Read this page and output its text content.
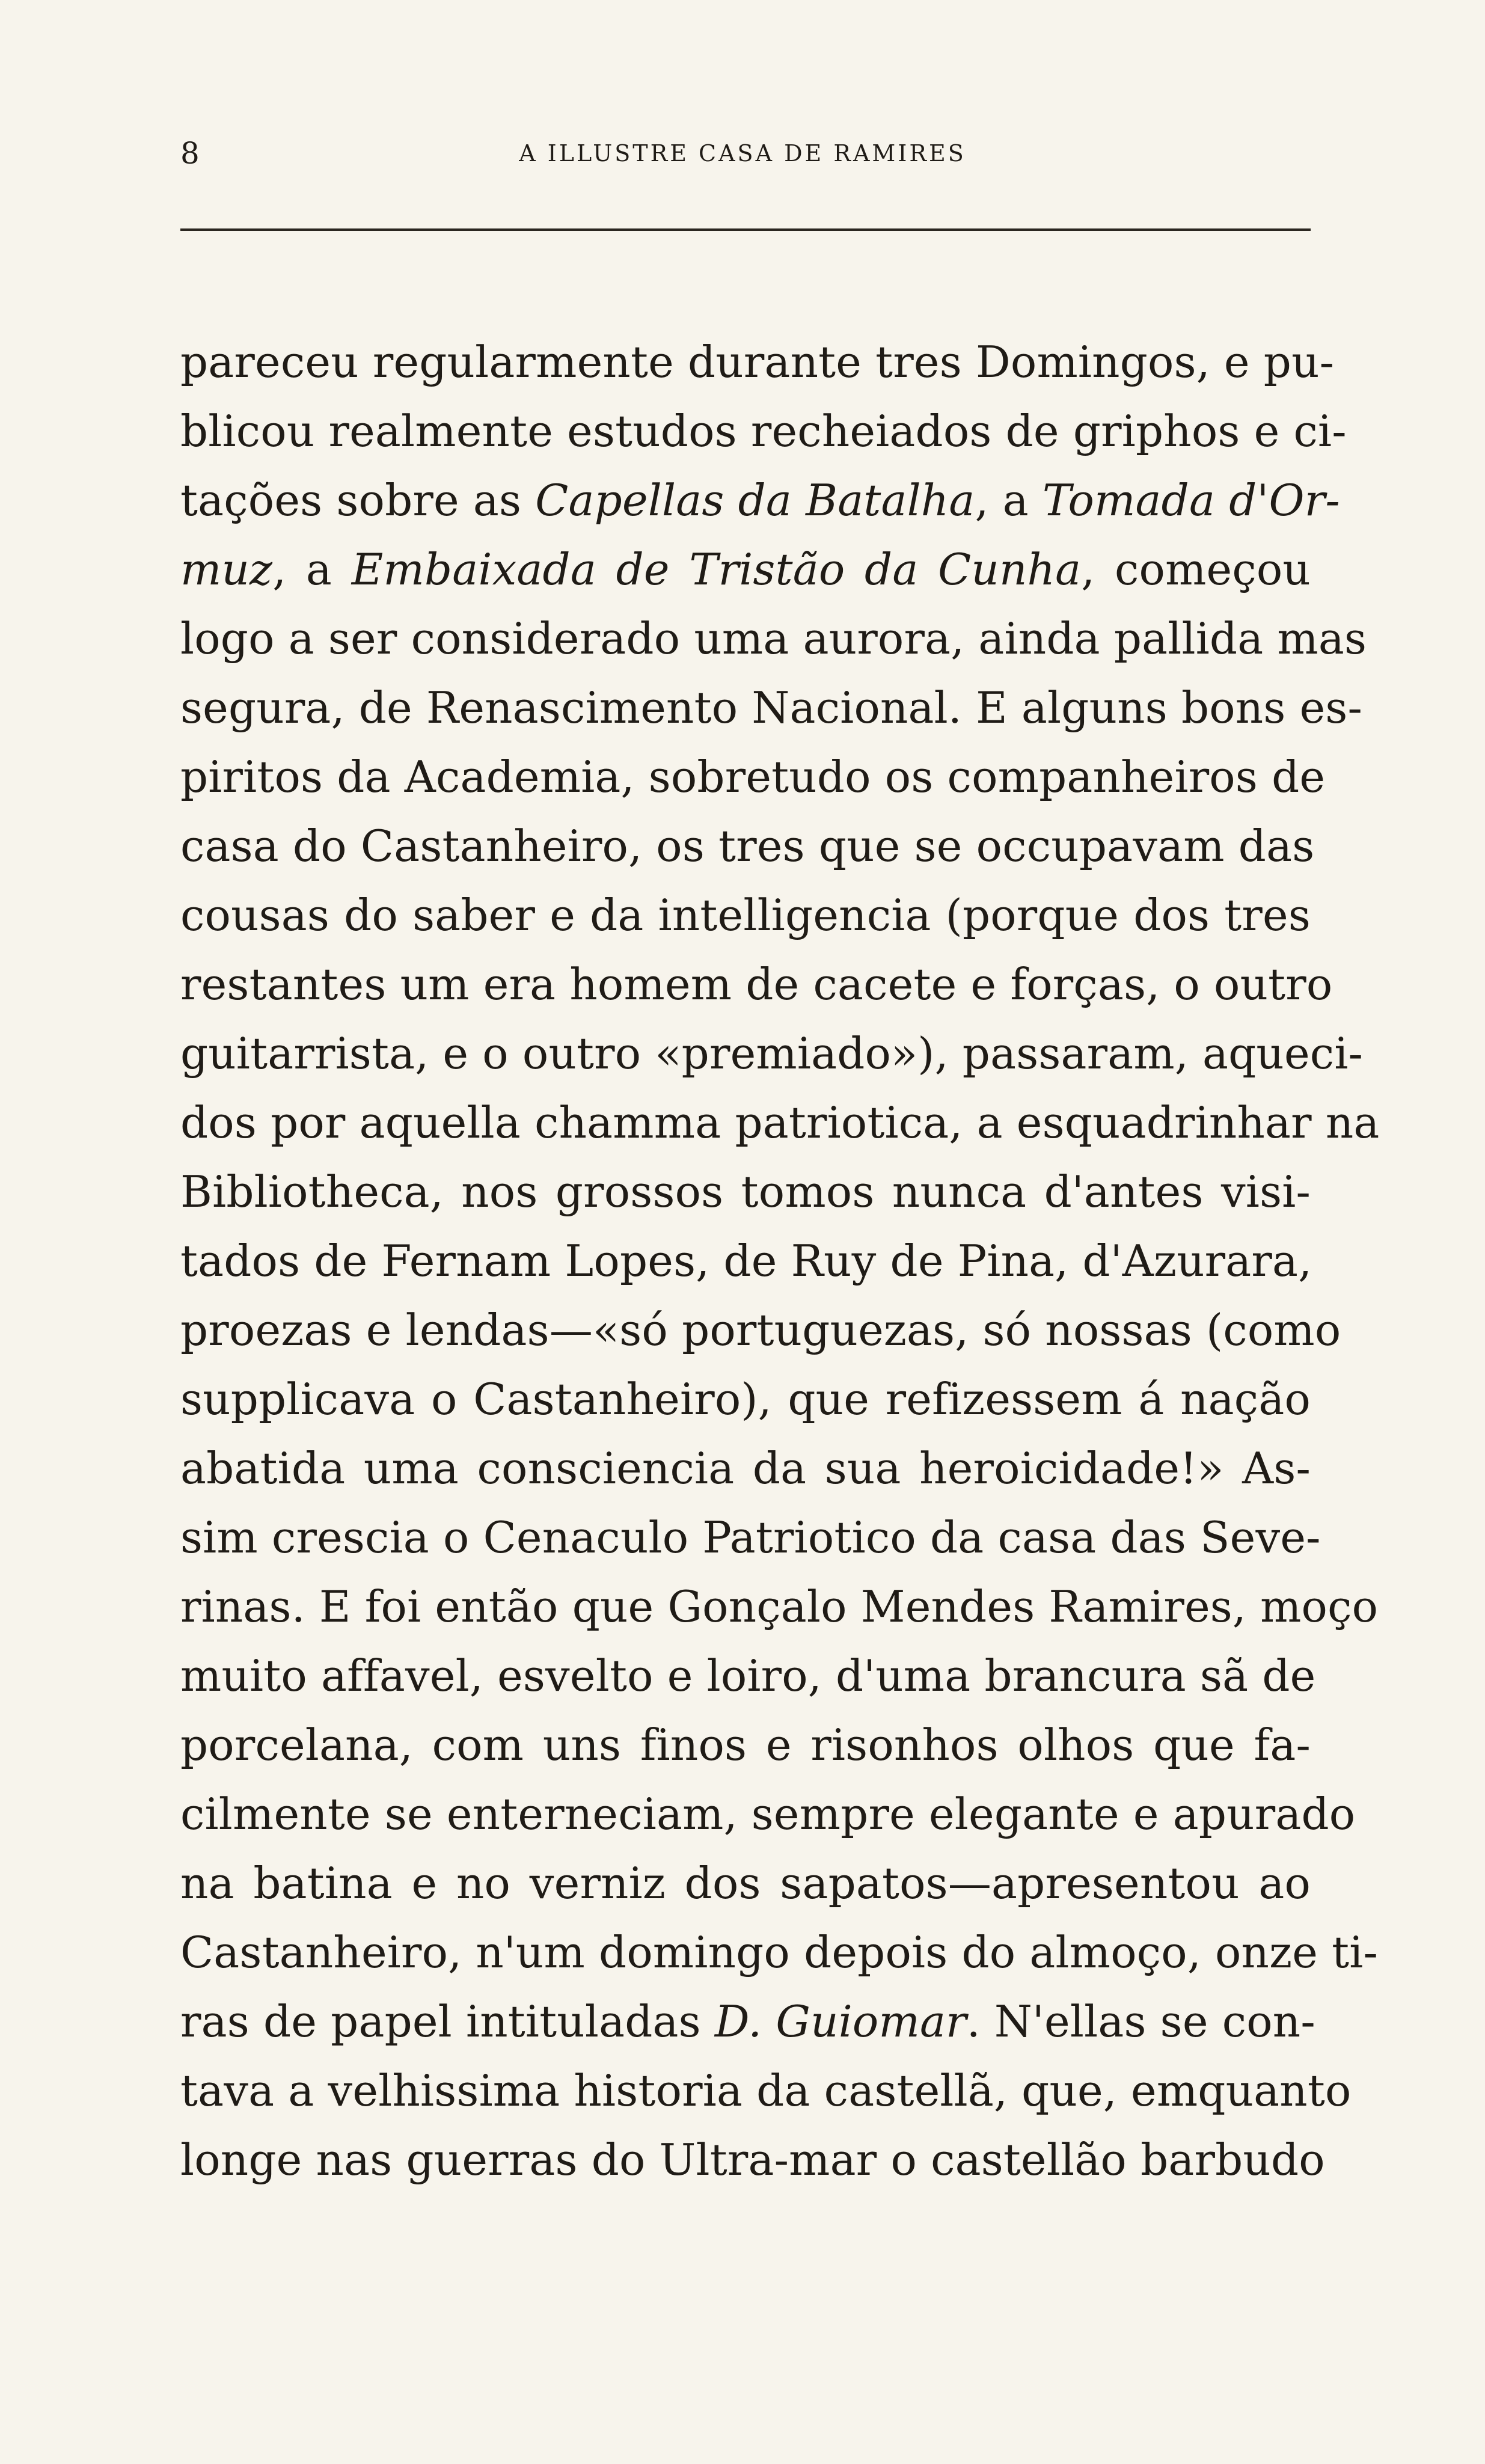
8	A ILLUSTRE CASA DE RAMIRES
pareceu regularmente durante tres Domingos, e pu-
blicou realmente estudos recheiados de griphos e ci-
tações sobre as Capellas da Batalha, a Tomada d'Or-
muz, a Embaixada de Tristão da Cunha, começou
logo a ser considerado uma aurora, ainda pallida mas
segura, de Renascimento Nacional. E alguns bons es-
piritos da Academia, sobretudo os companheiros de
casa do Castanheiro, os tres que se occupavam das
cousas do saber e da intelligencia (porque dos tres
restantes um era homem de cacete e forças, o outro
guitarrista, e o outro «premiado»), passaram, aqueci-
dos por aquella chamma patriotica, a esquadrinhar na
Bibliotheca, nos grossos tomos nunca d'antes visi-
tados de Fernam Lopes, de Ruy de Pina, d'Azurara,
proezas e lendas—«só portuguezas, só nossas (como
supplicava o Castanheiro), que refizessem á nação
abatida uma consciencia da sua heroicidade!» As-
sim crescia o Cenaculo Patriotico da casa das Seve-
rinas. E foi então que Gonçalo Mendes Ramires, moço
muito affavel, esvelto e loiro, d'uma brancura sã de
porcelana, com uns finos e risonhos olhos que fa-
cilmente se enterneciam, sempre elegante e apurado
na batina e no verniz dos sapatos—apresentou ao
Castanheiro, n'um domingo depois do almoço, onze ti-
ras de papel intituladas D. Guiomar. N'ellas se con-
tava a velhissima historia da castellã, que, emquanto
longe nas guerras do Ultra-mar o castellão barbudo
